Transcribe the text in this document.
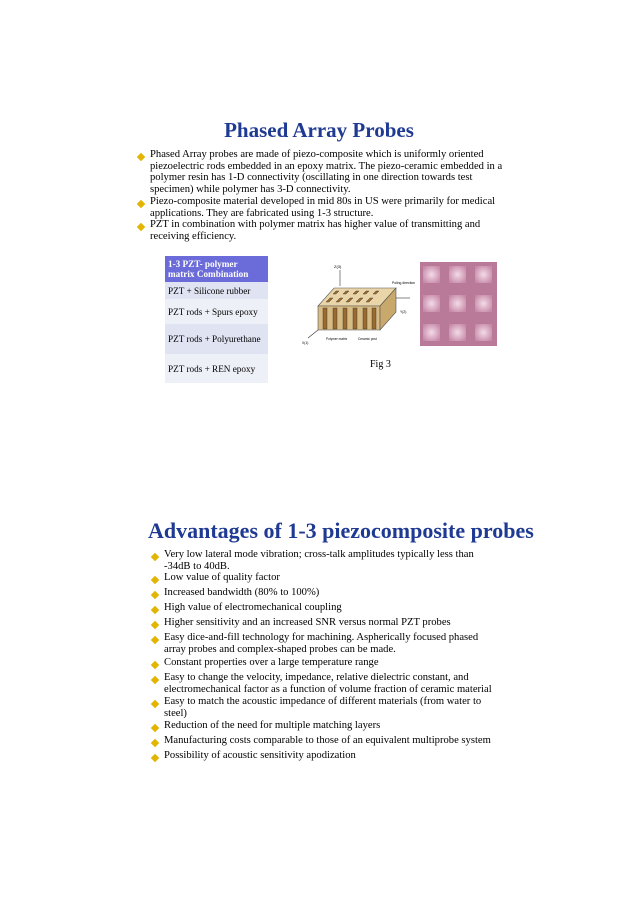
Phased Array Probes
Phased Array probes are made of piezo-composite which is uniformly oriented piezoelectric rods embedded in an epoxy matrix. The piezo-ceramic embedded in a polymer resin has 1-D connectivity (oscillating in one direction towards test specimen) while polymer has 3-D connectivity.
Piezo-composite material developed in mid 80s in US were primarily for medical applications. They are fabricated using 1-3 structure.
PZT in combination with polymer matrix has higher value of transmitting and receiving efficiency.
1-3 PZT- polymer matrix Combination
PZT + Silicone rubber
PZT rods + Spurs epoxy
PZT rods + Polyurethane
PZT rods + REN epoxy
Z(3)
Poling direction
Y(2)
X(1)
Polymer matrix	Ceramic post
Fig 3
Advantages of 1-3 piezocomposite probes
Very low lateral mode vibration; cross-talk amplitudes typically less than -34dB to 40dB.
Low value of quality factor
Increased bandwidth (80% to 100%)
High value of electromechanical coupling
Higher sensitivity and an increased SNR versus normal PZT probes
Easy dice-and-fill technology for machining. Aspherically focused phased array probes and complex-shaped probes can be made.
Constant properties over a large temperature range
Easy to change the velocity, impedance, relative dielectric constant, and electromechanical factor as a function of volume fraction of ceramic material
Easy to match the acoustic impedance of different materials (from water to steel)
Reduction of the need for multiple matching layers
Manufacturing costs comparable to those of an equivalent multiprobe system
Possibility of acoustic sensitivity apodization
